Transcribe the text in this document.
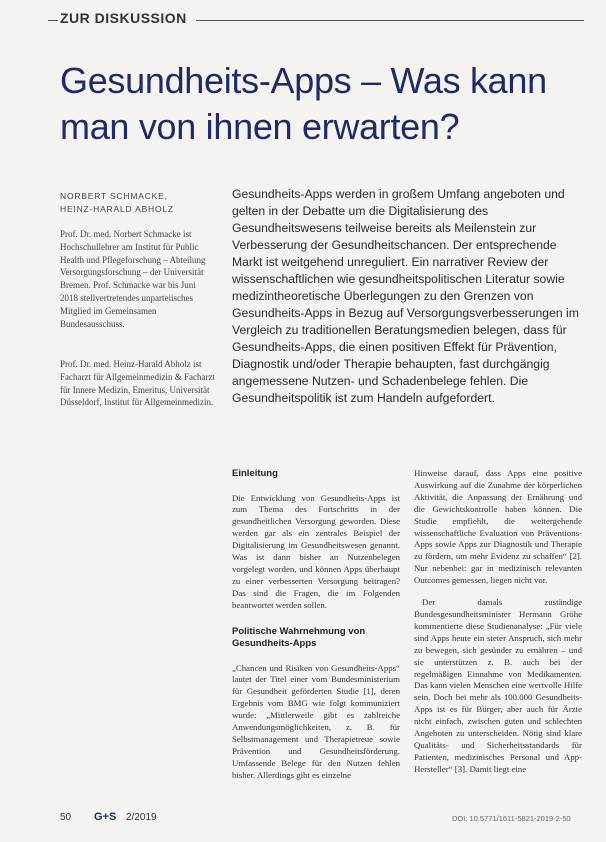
ZUR DISKUSSION
Gesundheits-Apps – Was kann man von ihnen erwarten?
NORBERT SCHMACKE,
HEINZ-HARALD ABHOLZ
Prof. Dr. med. Norbert Schmacke ist Hochschullehrer am Institut für Public Health und Pflegeforschung – Abteilung Versorgungsforschung – der Universität Bremen. Prof. Schmacke war bis Juni 2018 stellvertretendes unparteiisches Mitglied im Gemeinsamen Bundesausschuss.
Prof. Dr. med. Heinz-Harald Abholz ist Facharzt für Allgemeinmedizin & Facharzt für Innere Medizin, Emeritus, Universität Düsseldorf, Institut für Allgemeinmedizin.

Gesundheits-Apps werden in großem Umfang angeboten und gelten in der Debatte um die Digitalisierung des Gesundheitswesens teilweise bereits als Meilenstein zur Verbesserung der Gesundheitschancen. Der entsprechende Markt ist weitgehend unreguliert. Ein narrativer Review der wissenschaftlichen wie gesundheitspolitischen Literatur sowie medizintheoretische Überlegungen zu den Grenzen von Gesundheits-Apps in Bezug auf Versorgungsverbesserungen im Vergleich zu traditionellen Beratungsmedien belegen, dass für Gesundheits-Apps, die einen positiven Effekt für Prävention, Diagnostik und/oder Therapie behaupten, fast durchgängig angemessene Nutzen- und Schadenbelege fehlen. Die Gesundheitspolitik ist zum Handeln aufgefordert.

Einleitung

Die Entwicklung von Gesundheits-Apps ist zum Thema des Fortschritts in der gesundheitlichen Versorgung geworden. Diese werden gar als ein zentrales Beispiel der Digitalisierung im Gesundheitswesen genannt. Was ist dann bisher an Nutzenbelegen vorgelegt worden, und können Apps überhaupt zu einer verbesserten Versorgung beitragen? Das sind die Fragen, die im Folgenden beantwortet werden sollen.

Politische Wahrnehmung von Gesundheits-Apps

„Chancen und Risiken von Gesundheits-Apps“ lautet der Titel einer vom Bundesministerium für Gesundheit geförderten Studie [1], deren Ergebnis vom BMG wie folgt kommuniziert wurde: „Mittlerweile gibt es zahlreiche Anwendungsmöglichkeiten, z. B. für Selbstmanagement und Therapietreue sowie Prävention und Gesundheitsförderung. Umfassende Belege für den Nutzen fehlen bisher. Allerdings gibt es einzelne

Hinweise darauf, dass Apps eine positive Auswirkung auf die Zunahme der körperlichen Aktivität, die Anpassung der Ernährung und die Gewichtskontrolle haben können. Die Studie empfiehlt, die weitergehende wissenschaftliche Evaluation von Präventions-Apps sowie Apps zur Diagnostik und Therapie zu fördern, um mehr Evidenz zu schaffen“ [2]. Nur nebenbei: gar in medizinisch relevanten Outcomes gemessen, liegen nicht vor.

Der damals zuständige Bundesgesundheitsminister Hermann Gröhe kommentierte diese Studienanalyse: „Für viele sind Apps heute ein steter Anspruch, sich mehr zu bewegen, sich gesünder zu ernähren – und sie unterstützen z. B. auch bei der regelmäßigen Einnahme von Medikamenten. Das kann vielen Menschen eine wertvolle Hilfe sein. Doch bei mehr als 100.000 Gesundheits-Apps ist es für Bürger, aber auch für Ärzte nicht einfach, zwischen guten und schlechten Angeboten zu unterscheiden. Nötig sind klare Qualitäts- und Sicherheitsstandards für Patienten, medizinisches Personal und App-Hersteller“ [3]. Damit liegt eine

50 G+S 2/2019	DOI: 10.5771/1611-5821-2019-2-50
